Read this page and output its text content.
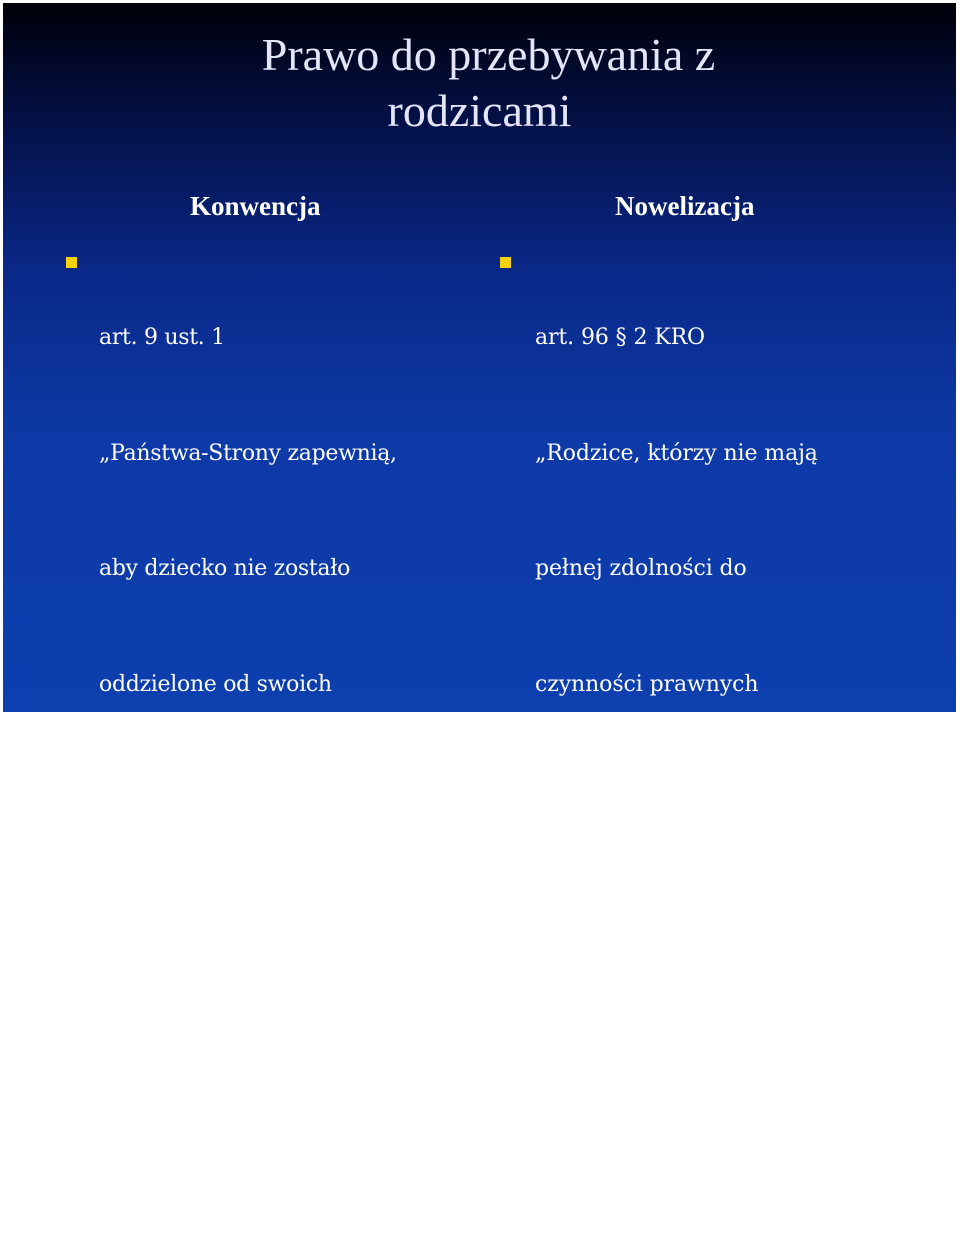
Prawo do przebywania z
rodzicami
Konwencja	Nowelizacja

art. 9 ust. 1

„Państwa-Strony zapewnią,

aby dziecko nie zostało

oddzielone od swoich

rodziców wbrew ich woli…”

art. 96 § 2 KRO

„Rodzice, którzy nie mają

pełnej zdolności do

czynności prawnych

uczestniczą w sprawowaniu

bieżącej pieczy nad osobą

dziecka i w jego

wychowaniu…”
